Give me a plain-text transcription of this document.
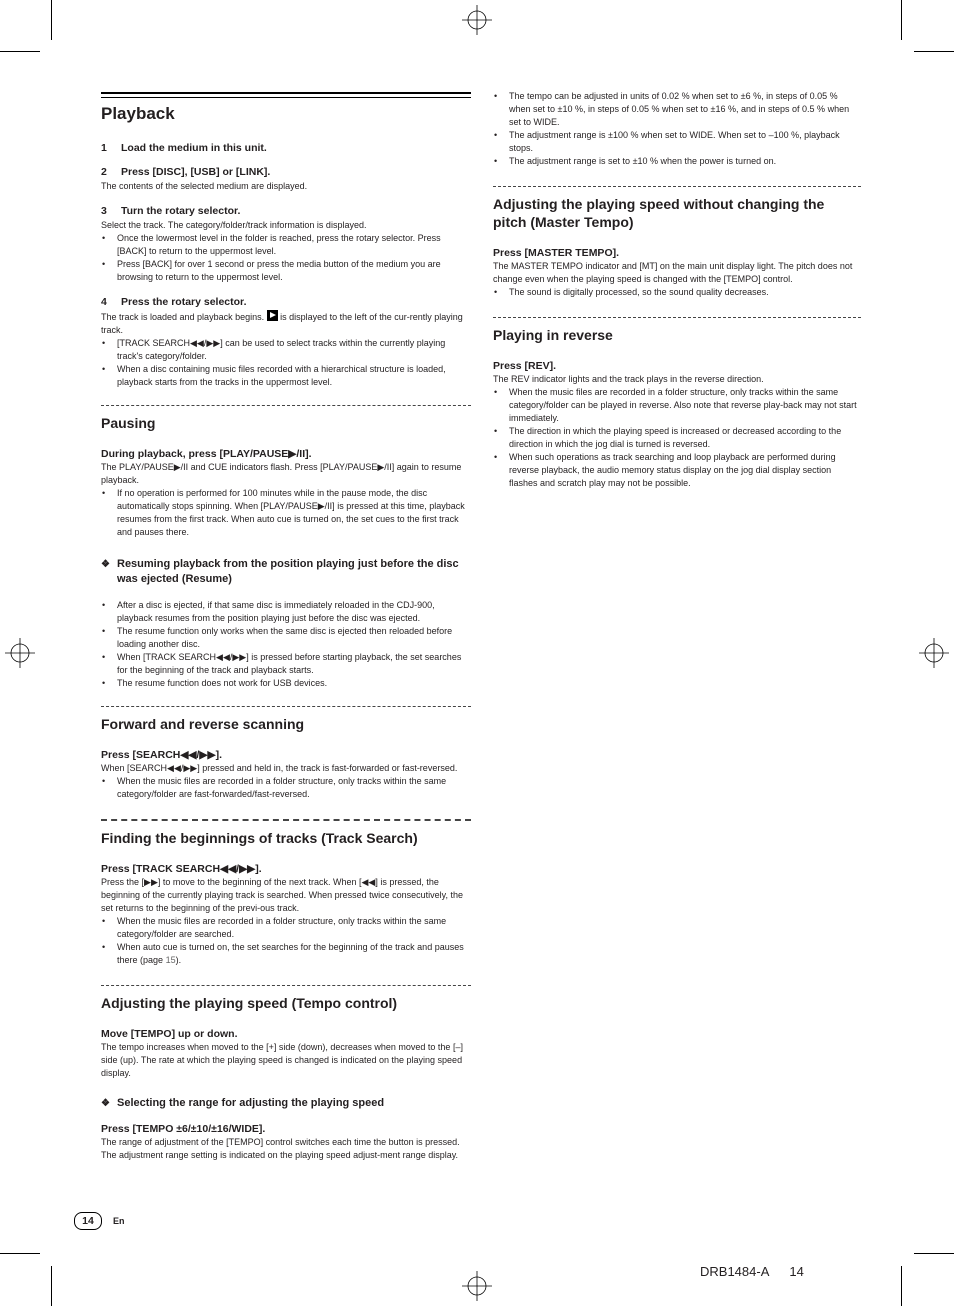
Playback
1 Load the medium in this unit.
2 Press [DISC], [USB] or [LINK].

The contents of the selected medium are displayed.

3 Turn the rotary selector.

Select the track. The category/folder/track information is displayed.

• Once the lowermost level in the folder is reached, press the rotary selector. Press [BACK] to return to the uppermost level.
• Press [BACK] for over 1 second or press the media button of the medium you are browsing to return to the uppermost level.
4 Press the rotary selector.

The track is loaded and playback begins. is displayed to the left of the cur-rently playing track.

• [TRACK SEARCH◀◀/▶▶] can be used to select tracks within the currently playing track's category/folder.
• When a disc containing music files recorded with a hierarchical structure is loaded, playback starts from the tracks in the uppermost level.
Pausing
During playback, press [PLAY/PAUSE▶/II].

The PLAY/PAUSE▶/II and CUE indicators flash. Press [PLAY/PAUSE▶/II] again to resume playback.

• If no operation is performed for 100 minutes while in the pause mode, the disc automatically stops spinning. When [PLAY/PAUSE▶/II] is pressed at this time, playback resumes from the first track. When auto cue is turned on, the set cues to the first track and pauses there.
❖ Resuming playback from the position playing just before the disc was ejected (Resume)
• After a disc is ejected, if that same disc is immediately reloaded in the CDJ-900, playback resumes from the position playing just before the disc was ejected.
• The resume function only works when the same disc is ejected then reloaded before loading another disc.
• When [TRACK SEARCH◀◀/▶▶] is pressed before starting playback, the set searches for the beginning of the track and playback starts.
• The resume function does not work for USB devices.
Forward and reverse scanning
Press [SEARCH◀◀/▶▶].

When [SEARCH◀◀/▶▶] pressed and held in, the track is fast-forwarded or fast-reversed.

• When the music files are recorded in a folder structure, only tracks within the same category/folder are fast-forwarded/fast-reversed.
Finding the beginnings of tracks (Track Search)
Press [TRACK SEARCH◀◀/▶▶].

Press the [▶▶] to move to the beginning of the next track. When [◀◀] is pressed, the beginning of the currently playing track is searched. When pressed twice consecutively, the set returns to the beginning of the previ-ous track.

• When the music files are recorded in a folder structure, only tracks within the same category/folder are searched.
• When auto cue is turned on, the set searches for the beginning of the track and pauses there (page 15).
Adjusting the playing speed (Tempo control)
Move [TEMPO] up or down.

The tempo increases when moved to the [+] side (down), decreases when moved to the [–] side (up). The rate at which the playing speed is changed is indicated on the playing speed display.

❖ Selecting the range for adjusting the playing speed
Press [TEMPO ±6/±10/±16/WIDE].

The range of adjustment of the [TEMPO] control switches each time the button is pressed. The adjustment range setting is indicated on the playing speed adjust-ment range display.

• The tempo can be adjusted in units of 0.02 % when set to ±6 %, in steps of 0.05 % when set to ±10 %, in steps of 0.05 % when set to ±16 %, and in steps of 0.5 % when set to WIDE.
• The adjustment range is ±100 % when set to WIDE. When set to –100 %, playback stops.
• The adjustment range is set to ±10 % when the power is turned on.
Adjusting the playing speed without changing the pitch (Master Tempo)
Press [MASTER TEMPO].

The MASTER TEMPO indicator and [MT] on the main unit display light. The pitch does not change even when the playing speed is changed with the [TEMPO] control.

• The sound is digitally processed, so the sound quality decreases.
Playing in reverse
Press [REV].

The REV indicator lights and the track plays in the reverse direction.

• When the music files are recorded in a folder structure, only tracks within the same category/folder can be played in reverse. Also note that reverse play-back may not start immediately.
• The direction in which the playing speed is increased or decreased according to the direction in which the jog dial is turned is reversed.
• When such operations as track searching and loop playback are performed during reverse playback, the audio memory status display on the jog dial display section flashes and scratch play may not be possible.
14	En
DRB1484-A 14
